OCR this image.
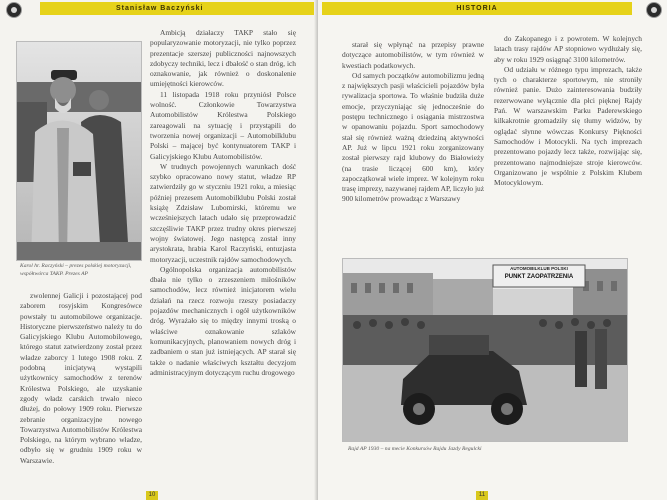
Stanisław Baczyński
Karol hr. Raczyński – prezes polskiej motoryzacji, współtwórca TAKP. Prezes AP

zwolennej Galicji i pozostającej pod zaborem rosyjskim Kongresówce powstały tu automobilowe organizacje. Historyczne pierwszeństwo należy tu do Galicyjskiego Klubu Automobilowego, którego statut zatwierdzony został przez władze zaborcy 1 lutego 1908 roku. Z podobną inicjatywą wystąpili użytkownicy samochodów z terenów Królestwa Polskiego, ale uzyskanie zgody władz carskich trwało nieco dłużej, do połowy 1909 roku. Pierwsze zebranie organizacyjne nowego Towarzystwa Automobilistów Królestwa Polskiego, na którym wybrano władze, odbyło się w grudniu 1909 roku w Warszawie.

Ambicją działaczy TAKP stało się popularyzowanie motoryzacji, nie tylko poprzez prezentacje szerszej publiczności najnowszych zdobyczy techniki, lecz i dbałość o stan dróg, ich oznakowanie, jak również o doskonalenie umiejętności kierowców.

11 listopada 1918 roku przyniósł Polsce wolność. Członkowie Towarzystwa Automobilistów Królestwa Polskiego zareagowali na sytuację i przystąpili do tworzenia nowej organizacji – Automobilklubu Polski – mającej być kontynuatorem TAKP i Galicyjskiego Klubu Automobilistów.

W trudnych powojennych warunkach dość szybko opracowano nowy statut, władze RP zatwierdziły go w styczniu 1921 roku, a miesiąc później prezesem Automobilklubu Polski został książę Zdzisław Lubomirski, któremu we wcześniejszych latach udało się przeprowadzić szczęśliwie TAKP przez trudny okres pierwszej wojny światowej. Jego następcą został inny arystokrata, hrabia Karol Raczyński, entuzjasta motoryzacji, uczestnik rajdów samochodowych.

Ogólnopolska organizacja automobilistów dbała nie tylko o zrzeszeniem miłośników samochodów, lecz również inicjatorem wielu działań na rzecz rozwoju rzeszy posiadaczy pojazdów mechanicznych i ogół użytkowników dróg. Wyrażało się to między innymi troską o właściwe oznakowanie szlaków komunikacyjnych, planowaniem nowych dróg i zadbaniem o stan już istniejących. AP starał się także o nadanie właściwych kształtu decyzjom administracyjnym dotyczącym ruchu drogowego

10

starał się wpłynąć na przepisy prawne dotyczące automobilistów, w tym również w kwestiach podatkowych.

Od samych początków automobilizmu jedną z największych pasji właścicieli pojazdów była rywalizacja sportowa. To właśnie budziła duże emocje, przyczyniając się jednocześnie do postępu technicznego i osiągania mistrzostwa w opanowaniu pojazdu. Sport samochodowy stał się również ważną dziedziną aktywności AP. Już w lipcu 1921 roku zorganizowany został pierwszy rajd klubowy do Białowieży (na trasie liczącej 600 km), który zapoczątkował wiele imprez. W kolejnym roku trasę imprezy, nazywanej rajdem AP, liczyło już 900 kilometrów prowadząc z Warszawy

do Zakopanego i z powrotem. W kolejnych latach trasy rajdów AP stopniowo wydłużały się, aby w roku 1929 osiągnąć 3100 kilometrów.

Od udziału w różnego typu imprezach, także tych o charakterze sportowym, nie stroniły również panie. Dużo zainteresowania budziły rezerwowane wyłącznie dla płci pięknej Rajdy Pań. W warszawskim Parku Paderewskiego kilkakrotnie gromadziły się tłumy widzów, by oglądać słynne wówczas Konkursy Piękności Samochodów i Motocykli. Na tych imprezach prezentowano pojazdy lecz także, rozwijając się, prezentowano najmodniejsze stroje kierowców. Organizowano je wspólnie z Polskim Klubem Motocyklowym.

AUTOMOBILKLUB POLSKI
PUNKT ZAOPATRZENIA
Rajd AP 1930 – na mecie Konkursów Rajdu Jazdy Regulcki
HISTORIA
11
